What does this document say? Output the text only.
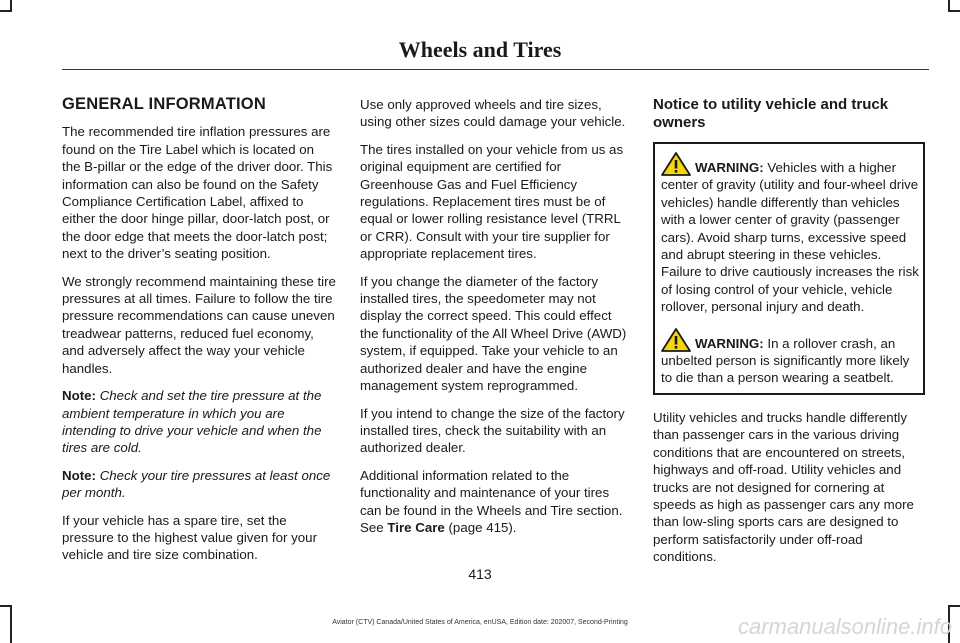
Wheels and Tires

GENERAL INFORMATION

The recommended tire inflation pressures are found on the Tire Label which is located on the B-pillar or the edge of the driver door. This information can also be found on the Safety Compliance Certification Label, affixed to either the door hinge pillar, door-latch post, or the door edge that meets the door-latch post; next to the driver’s seating position.

We strongly recommend maintaining these tire pressures at all times. Failure to follow the tire pressure recommendations can cause uneven treadwear patterns, reduced fuel economy, and adversely affect the way your vehicle handles.

Note: Check and set the tire pressure at the ambient temperature in which you are intending to drive your vehicle and when the tires are cold.

Note: Check your tire pressures at least once per month.

If your vehicle has a spare tire, set the pressure to the highest value given for your vehicle and tire size combination.

Use only approved wheels and tire sizes, using other sizes could damage your vehicle.

The tires installed on your vehicle from us as original equipment are certified for Greenhouse Gas and Fuel Efficiency regulations. Replacement tires must be of equal or lower rolling resistance level (TRRL or CRR). Consult with your tire supplier for appropriate replacement tires.

If you change the diameter of the factory installed tires, the speedometer may not display the correct speed. This could effect the functionality of the All Wheel Drive (AWD) system, if equipped. Take your vehicle to an authorized dealer and have the engine management system reprogrammed.

If you intend to change the size of the factory installed tires, check the suitability with an authorized dealer.

Additional information related to the functionality and maintenance of your tires can be found in the Wheels and Tire section. See Tire Care (page 415).

Notice to utility vehicle and truck owners

WARNING: Vehicles with a higher center of gravity (utility and four-wheel drive vehicles) handle differently than vehicles with a lower center of gravity (passenger cars). Avoid sharp turns, excessive speed and abrupt steering in these vehicles. Failure to drive cautiously increases the risk of losing control of your vehicle, vehicle rollover, personal injury and death.

WARNING: In a rollover crash, an unbelted person is significantly more likely to die than a person wearing a seatbelt.

Utility vehicles and trucks handle differently than passenger cars in the various driving conditions that are encountered on streets, highways and off-road. Utility vehicles and trucks are not designed for cornering at speeds as high as passenger cars any more than low-sling sports cars are designed to perform satisfactorily under off-road conditions.

413
Aviator (CTV) Canada/United States of America, enUSA, Edition date: 202007, Second-Printing	carmanualsonline.info
